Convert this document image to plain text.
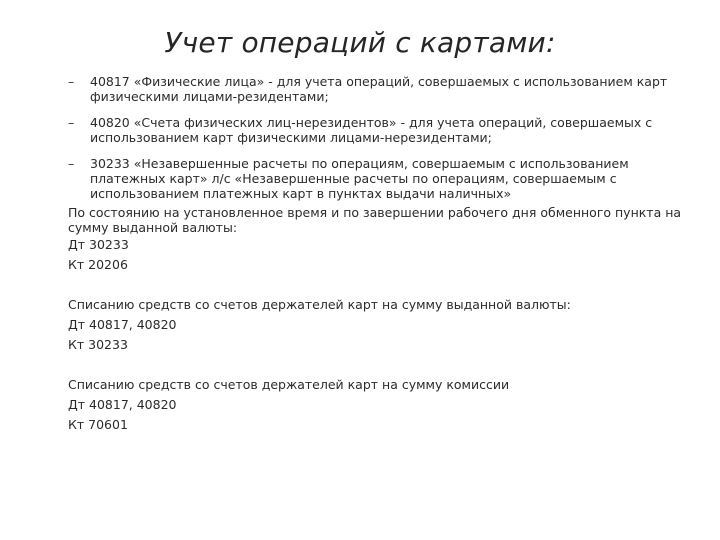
Учет операций с картами:
– 40817 «Физические лица» - для учета операций, совершаемых с использованием карт
физическими лицами-резидентами;
– 40820 «Счета физических лиц-нерезидентов» - для учета операций, совершаемых с
использованием карт физическими лицами-нерезидентами;
– 30233 «Незавершенные расчеты по операциям, совершаемым с использованием
платежных карт» л/с «Незавершенные расчеты по операциям, совершаемым с
использованием платежных карт в пунктах выдачи наличных»
По состоянию на установленное время и по завершении рабочего дня обменного пункта на
сумму выданной валюты:
Дт 30233
Кт 20206
Списанию средств со счетов держателей карт на сумму выданной валюты:
Дт 40817, 40820
Кт 30233
Списанию средств со счетов держателей карт на сумму комиссии
Дт 40817, 40820
Кт 70601
